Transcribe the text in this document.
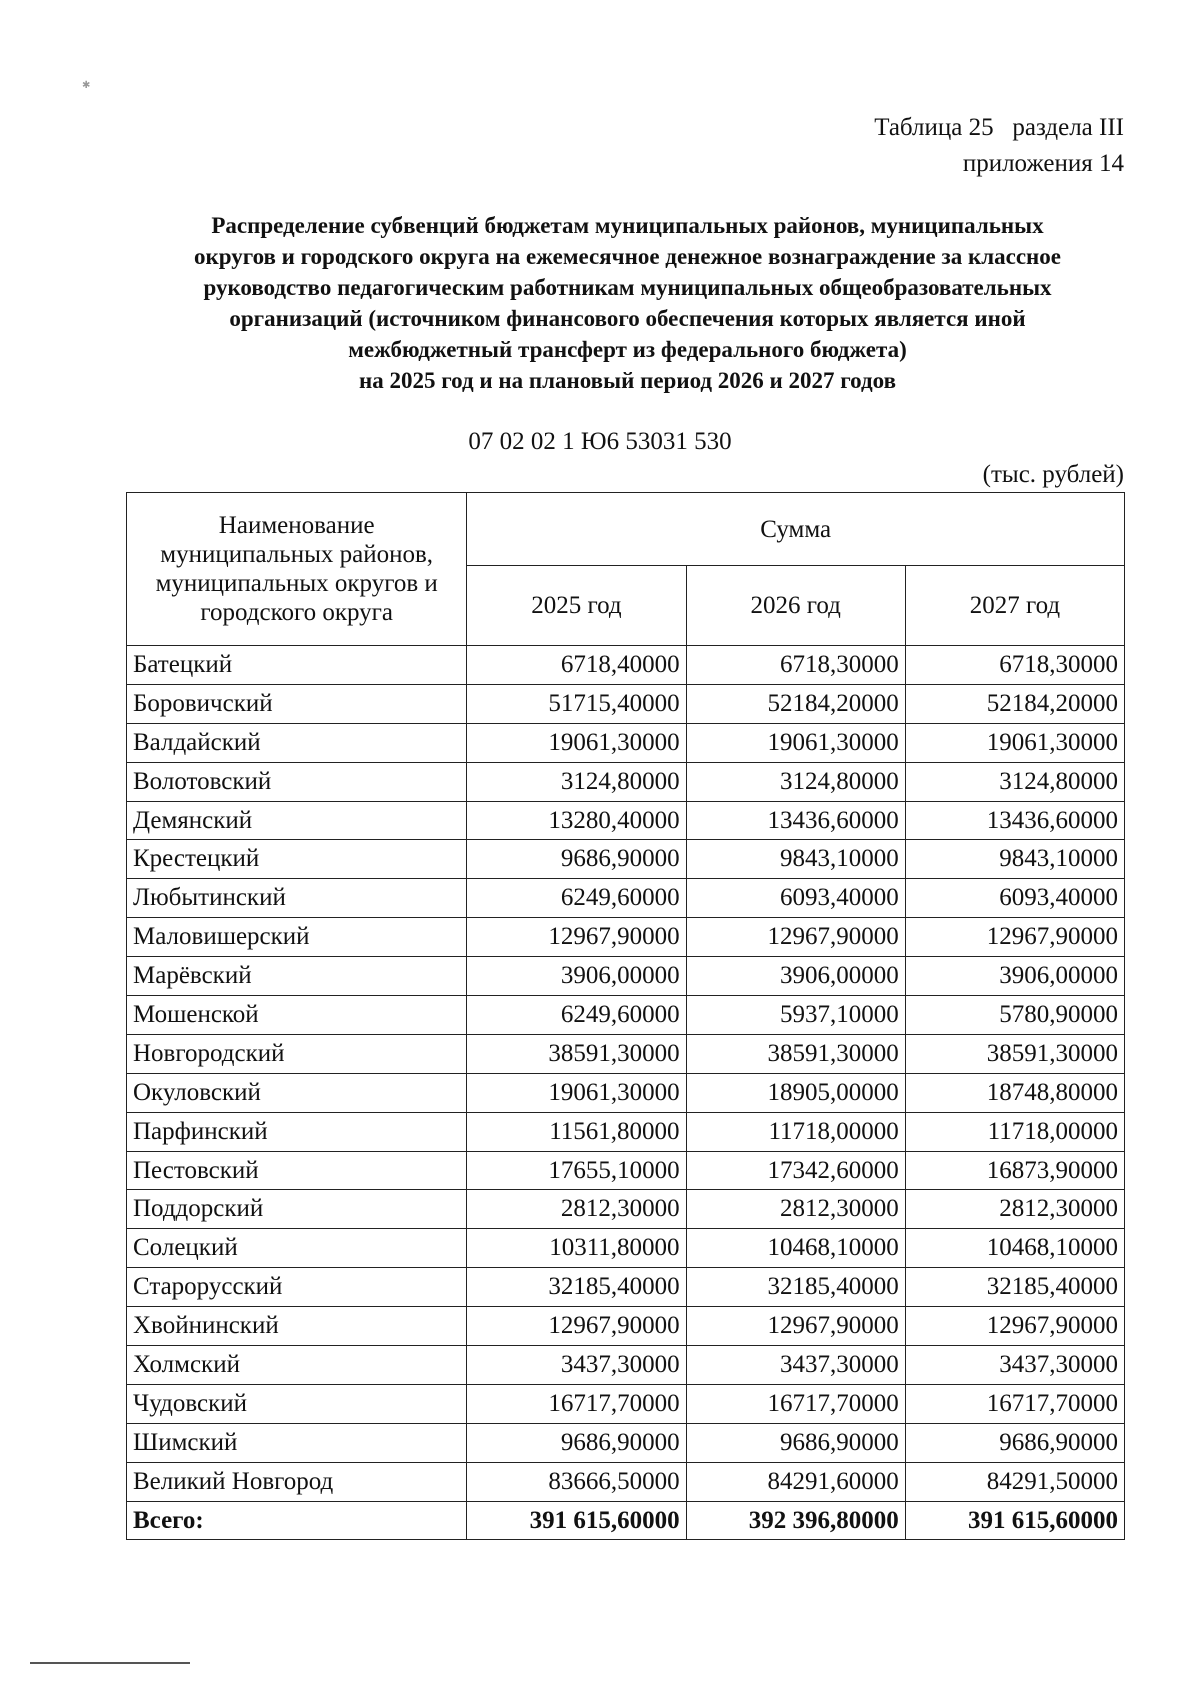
✱
Таблица 25   раздела III
приложения 14
Распределение субвенций бюджетам муниципальных районов, муниципальных
округов и городского округа на ежемесячное денежное вознаграждение за классное
руководство педагогическим работникам муниципальных общеобразовательных
организаций (источником финансового обеспечения которых является иной
межбюджетный трансферт из федерального бюджета)
на 2025 год и на плановый период 2026 и 2027 годов
07 02 02 1 Ю6 53031 530
(тыс. рублей)
Наименование муниципальных районов, муниципальных округов и городского округа	Сумма		
	2025 год	2026 год	2027 год
Батецкий	6718,40000	6718,30000	6718,30000
Боровичский	51715,40000	52184,20000	52184,20000
Валдайский	19061,30000	19061,30000	19061,30000
Волотовский	3124,80000	3124,80000	3124,80000
Демянский	13280,40000	13436,60000	13436,60000
Крестецкий	9686,90000	9843,10000	9843,10000
Любытинский	6249,60000	6093,40000	6093,40000
Маловишерский	12967,90000	12967,90000	12967,90000
Марёвский	3906,00000	3906,00000	3906,00000
Мошенской	6249,60000	5937,10000	5780,90000
Новгородский	38591,30000	38591,30000	38591,30000
Окуловский	19061,30000	18905,00000	18748,80000
Парфинский	11561,80000	11718,00000	11718,00000
Пестовский	17655,10000	17342,60000	16873,90000
Поддорский	2812,30000	2812,30000	2812,30000
Солецкий	10311,80000	10468,10000	10468,10000
Старорусский	32185,40000	32185,40000	32185,40000
Хвойнинский	12967,90000	12967,90000	12967,90000
Холмский	3437,30000	3437,30000	3437,30000
Чудовский	16717,70000	16717,70000	16717,70000
Шимский	9686,90000	9686,90000	9686,90000
Великий Новгород	83666,50000	84291,60000	84291,50000
Всего:	391 615,60000	392 396,80000	391 615,60000
